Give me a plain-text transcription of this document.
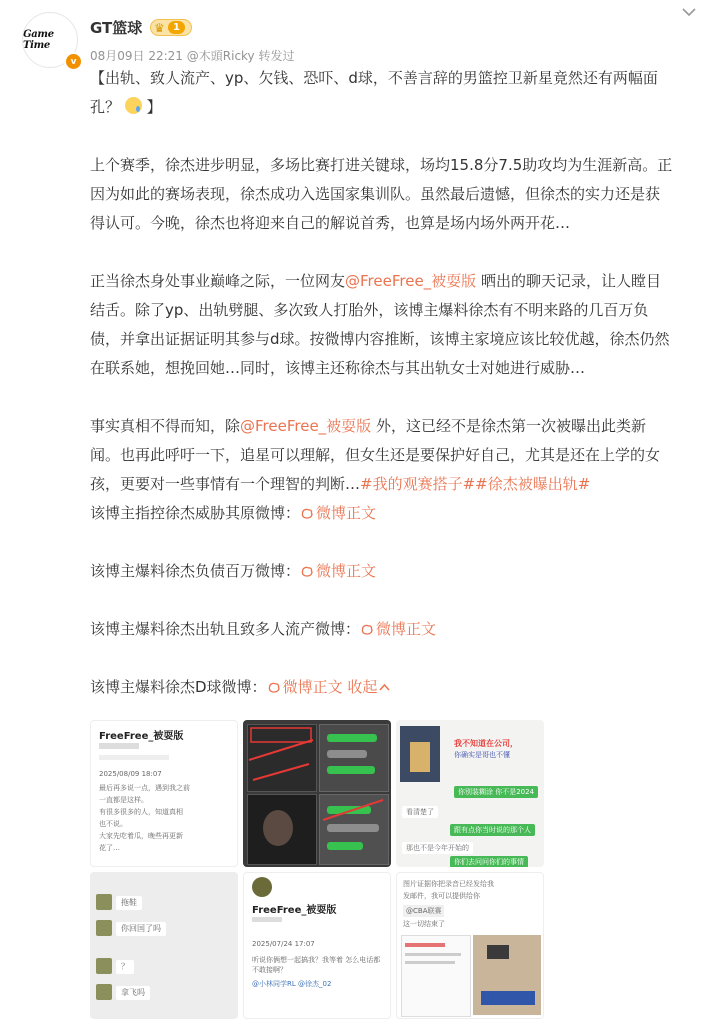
Game Time
v
GT篮球 ♛ 1
08月09日 22:21 @木頭Ricky 转发过

【出轨、致人流产、yp、欠钱、恐吓、d球，不善言辞的男篮控卫新星竟然还有两幅面

孔？ 】

上个赛季，徐杰进步明显，多场比赛打进关键球，场均15.8分7.5助攻均为生涯新高。正

因为如此的赛场表现，徐杰成功入选国家集训队。虽然最后遗憾，但徐杰的实力还是获

得认可。今晚，徐杰也将迎来自己的解说首秀，也算是场内场外两开花…

正当徐杰身处事业巅峰之际，一位网友@FreeFree_被耍版 晒出的聊天记录，让人瞠目

结舌。除了yp、出轨劈腿、多次致人打胎外，该博主爆料徐杰有不明来路的几百万负

债，并拿出证据证明其参与d球。按微博内容推断，该博主家境应该比较优越，徐杰仍然

在联系她，想挽回她…同时，该博主还称徐杰与其出轨女士对她进行威胁…

事实真相不得而知，除@FreeFree_被耍版 外，这已经不是徐杰第一次被曝出此类新

闻。也再此呼吁一下，追星可以理解，但女生还是要保护好自己，尤其是还在上学的女

孩，更要对一些事情有一个理智的判断…#我的观赛搭子##徐杰被曝出轨#

该博主指控徐杰威胁其原微博： 微博正文
该博主爆料徐杰负债百万微博： 微博正文
该博主爆料徐杰出轨且致多人流产微博： 微博正文
该博主爆料徐杰D球微博： 微博正文 收起
FreeFree_被耍版
2025/08/09 18:07
最后再多说一点，遇到我之前
一直都是这样。
有很多很多的人，知道真相
也不说。
大家先吃着瓜，晚些再更新
花了…
我不知道在公司，
你确实是哥也不懂
你别装糊涂 你不是2024
看清楚了
跟有点你当时说的那个人
那也不是今年开始的
你们去问问你们的事情
拖鞋
你回国了吗
？
拿飞吗
FreeFree_被耍版
2025/07/24 17:07
听说你俩想一起搞我？我等着 怎么电话都不敢接啊？
@小林同学RL @徐杰_02
图片证据你把录音已经发给我
发邮件，我可以提供给你
@CBA联赛
这一切结束了
